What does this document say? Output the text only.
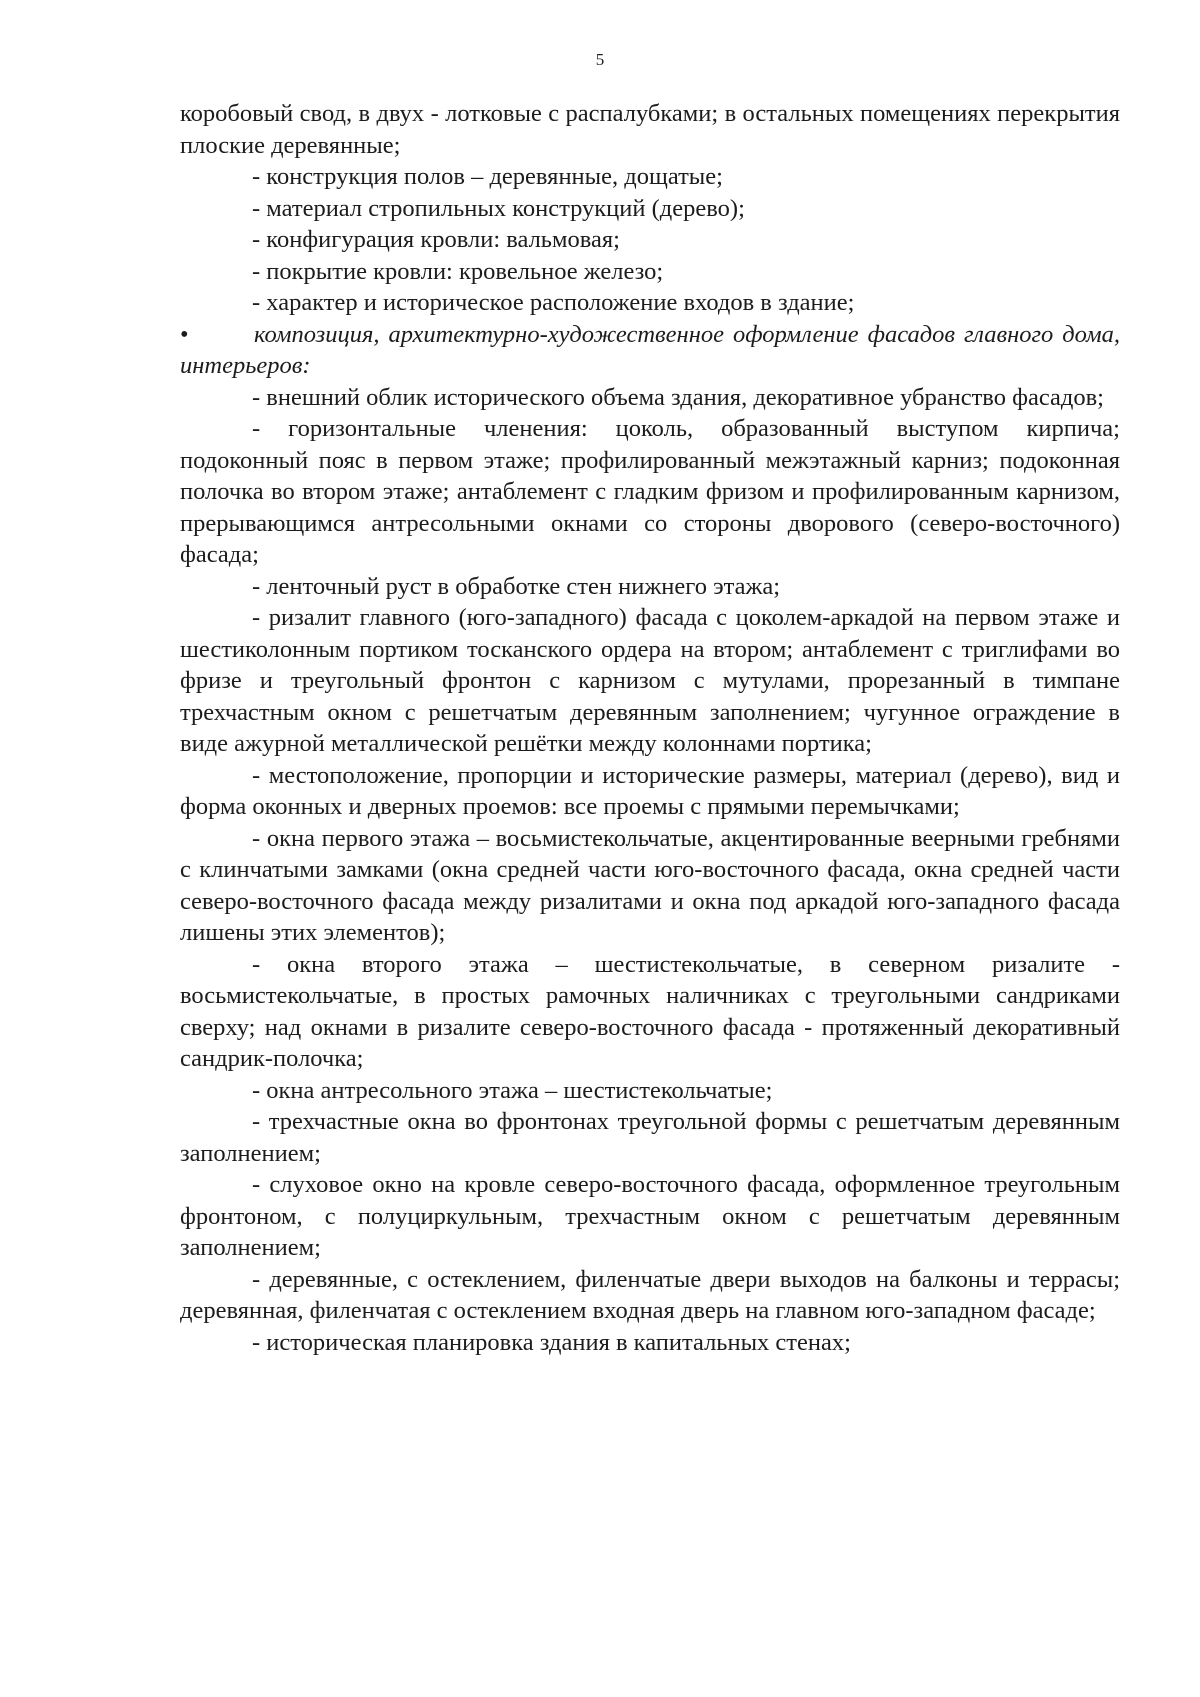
5

коробовый свод, в двух - лотковые с распалубками; в остальных помещениях перекрытия плоские деревянные;

- конструкция полов – деревянные, дощатые;

- материал стропильных конструкций (дерево);

- конфигурация кровли: вальмовая;

- покрытие кровли: кровельное железо;

- характер и историческое расположение входов в здание;

•	композиция, архитектурно-художественное оформление фасадов главного дома, интерьеров:

- внешний облик исторического объема здания, декоративное убранство фасадов;

- горизонтальные членения: цоколь, образованный выступом кирпича; подоконный пояс в первом этаже; профилированный межэтажный карниз; подоконная полочка во втором этаже; антаблемент с гладким фризом и профилированным карнизом, прерывающимся антресольными окнами со стороны дворового (северо-восточного) фасада;

- ленточный руст в обработке стен нижнего этажа;

- ризалит главного (юго-западного) фасада с цоколем-аркадой на первом этаже и шестиколонным портиком тосканского ордера на втором; антаблемент с триглифами во фризе и треугольный фронтон с карнизом с мутулами, прорезанный в тимпане трехчастным окном с решетчатым деревянным заполнением; чугунное ограждение в виде ажурной металлической решётки между колоннами портика;

- местоположение, пропорции и исторические размеры, материал (дерево), вид и форма оконных и дверных проемов: все проемы с прямыми перемычками;

- окна первого этажа – восьмистекольчатые, акцентированные веерными гребнями с клинчатыми замками (окна средней части юго-восточного фасада, окна средней части северо-восточного фасада между ризалитами и окна под аркадой юго-западного фасада лишены этих элементов);

- окна второго этажа – шестистекольчатые, в северном ризалите - восьмистекольчатые, в простых рамочных наличниках с треугольными сандриками сверху; над окнами в ризалите северо-восточного фасада - протяженный декоративный сандрик-полочка;

- окна антресольного этажа – шестистекольчатые;

- трехчастные окна во фронтонах треугольной формы с решетчатым деревянным заполнением;

- слуховое окно на кровле северо-восточного фасада, оформленное треугольным фронтоном, с полуциркульным, трехчастным окном с решетчатым деревянным заполнением;

- деревянные, с остеклением, филенчатые двери выходов на балконы и террасы; деревянная, филенчатая с остеклением входная дверь на главном юго-западном фасаде;

- историческая планировка здания в капитальных стенах;
